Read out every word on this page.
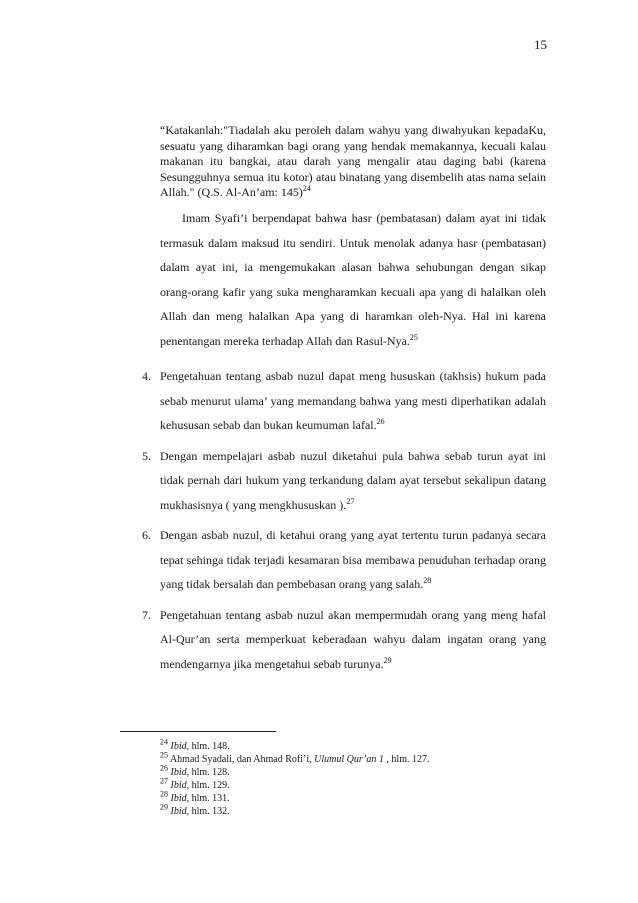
15
“Katakanlah:"Tiadalah aku peroleh dalam wahyu yang diwahyukan kepadaKu, sesuatu yang diharamkan bagi orang yang hendak memakannya, kecuali kalau makanan itu bangkai, atau darah yang mengalir atau daging babi (karena Sesungguhnya semua itu kotor) atau binatang yang disembelih atas nama selain Allah." (Q.S. Al-An’am: 145)$^{24}$
Imam Syafi’i berpendapat bahwa hasr (pembatasan) dalam ayat ini tidak termasuk dalam maksud itu sendiri. Untuk menolak adanya hasr (pembatasan) dalam ayat ini, ia mengemukakan alasan bahwa sehubungan dengan sikap orang-orang kafir yang suka mengharamkan kecuali apa yang di halalkan oleh Allah dan meng halalkan Apa yang di haramkan oleh-Nya. Hal ini karena penentangan mereka terhadap Allah dan Rasul-Nya.$^{25}$
4. Pengetahuan tentang asbab nuzul dapat meng hususkan (takhsis) hukum pada sebab menurut ulama’ yang memandang bahwa yang mesti diperhatikan adalah kehususan sebab dan bukan keumuman lafal.$^{26}$
5. Dengan mempelajari asbab nuzul diketahui pula bahwa sebab turun ayat ini tidak pernah dari hukum yang terkandung dalam ayat tersebut sekalipun datang mukhasisnya ( yang mengkhususkan ).$^{27}$
6. Dengan asbab nuzul, di ketahui orang yang ayat tertentu turun padanya secara tepat sehinga tidak terjadi kesamaran bisa membawa penuduhan terhadap orang yang tidak bersalah dan pembebasan orang yang salah.$^{28}$
7. Pengetahuan tentang asbab nuzul akan mempermudah orang yang meng hafal Al-Qur’an serta memperkuat keberadaan wahyu dalam ingatan orang yang mendengarnya jika mengetahui sebab turunya.$^{29}$
$^{24}$ Ibid, hlm. 148.
$^{25}$ Ahmad Syadali, dan Ahmad Rofi’i, Ulumul Qur’an 1 , hlm. 127.
$^{26}$ Ibid, hlm. 128.
$^{27}$ Ibid, hlm. 129.
$^{28}$ Ibid, hlm. 131.
$^{29}$ Ibid, hlm. 132.
